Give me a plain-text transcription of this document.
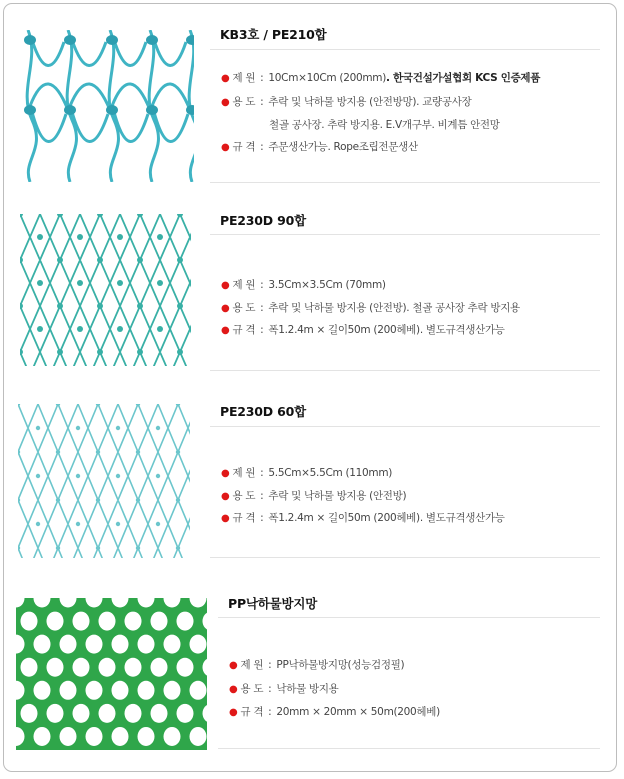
KB3호 / PE210합
● 제 원 : 10Cm×10Cm (200mm). 한국건설가설협회 KCS 인증제품
● 용 도 : 추락 및 낙하물 방지용 (안전방망). 교량공사장
철골 공사장. 추락 방지용. E.V개구부. 비계틈 안전망
● 규 격 : 주문생산가능. Rope조립전문생산
PE230D 90합
● 제 원 : 3.5Cm×3.5Cm (70mm)
● 용 도 : 추락 및 낙하물 방지용 (안전방). 철골 공사장 추락 방지용
● 규 격 : 폭1.2.4m × 길이50m (200헤베). 별도규격생산가능
PE230D 60합
● 제 원 : 5.5Cm×5.5Cm (110mm)
● 용 도 : 추락 및 낙하물 방지용 (안전방)
● 규 격 : 폭1.2.4m × 길이50m (200헤베). 별도규격생산가능
PP낙하물방지망
● 제 원 : PP낙하물방지망(성능검정필)
● 용 도 : 낙하물 방지용
● 규 격 : 20mm × 20mm × 50m(200헤베)
